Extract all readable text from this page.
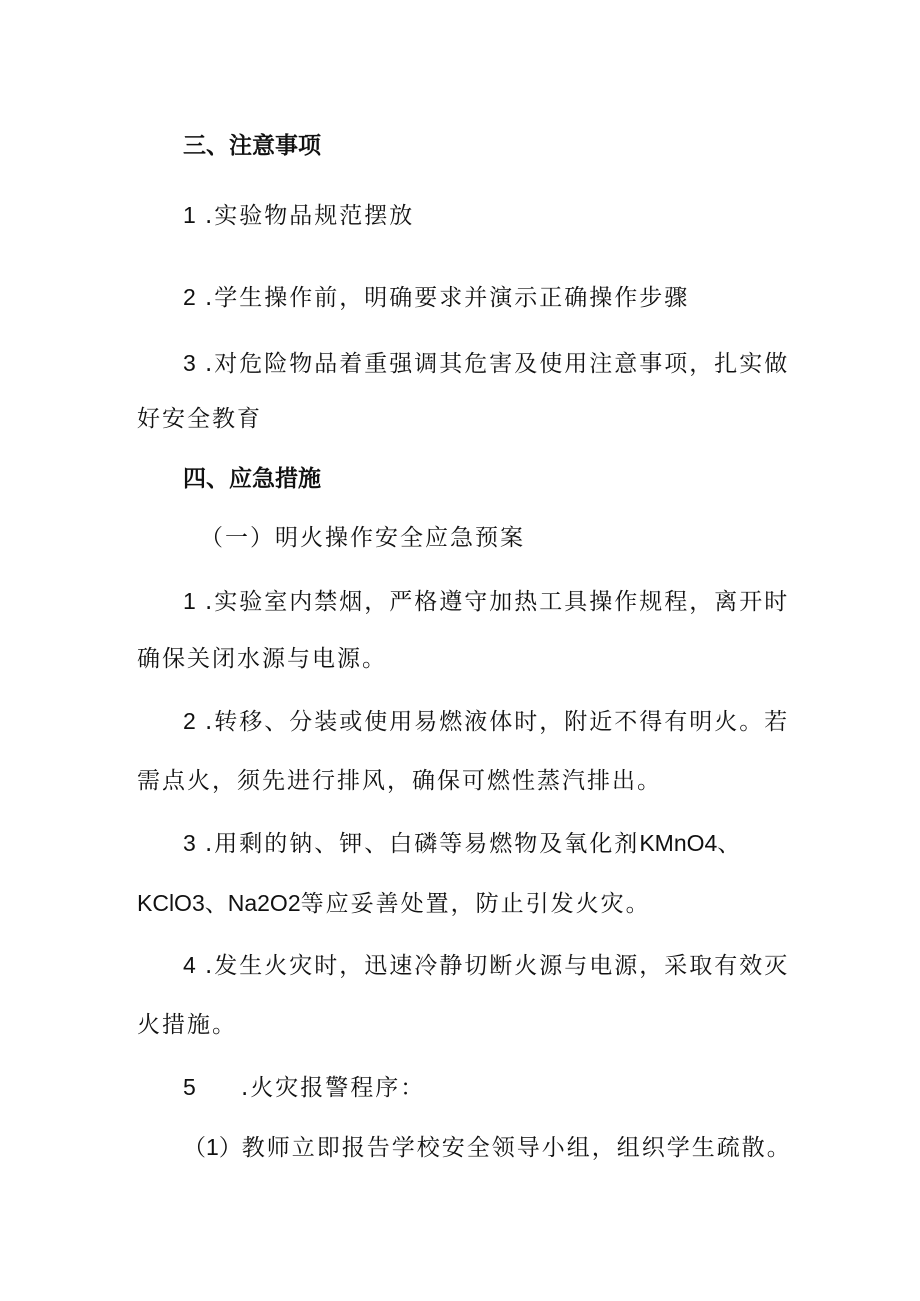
三、注意事项
1 .实验物品规范摆放
2 .学生操作前，明确要求并演示正确操作步骤
3 .对危险物品着重强调其危害及使用注意事项，扎实做
好安全教育
四、应急措施
（一）明火操作安全应急预案
1 .实验室内禁烟，严格遵守加热工具操作规程，离开时
确保关闭水源与电源。
2 .转移、分装或使用易燃液体时，附近不得有明火。若
需点火，须先进行排风，确保可燃性蒸汽排出。
3 .用剩的钠、钾、白磷等易燃物及氧化剂KMnO4、
KClO3、Na2O2等应妥善处置，防止引发火灾。
4 .发生火灾时，迅速冷静切断火源与电源，采取有效灭
火措施。
5 .火灾报警程序：
（1）教师立即报告学校安全领导小组，组织学生疏散。
